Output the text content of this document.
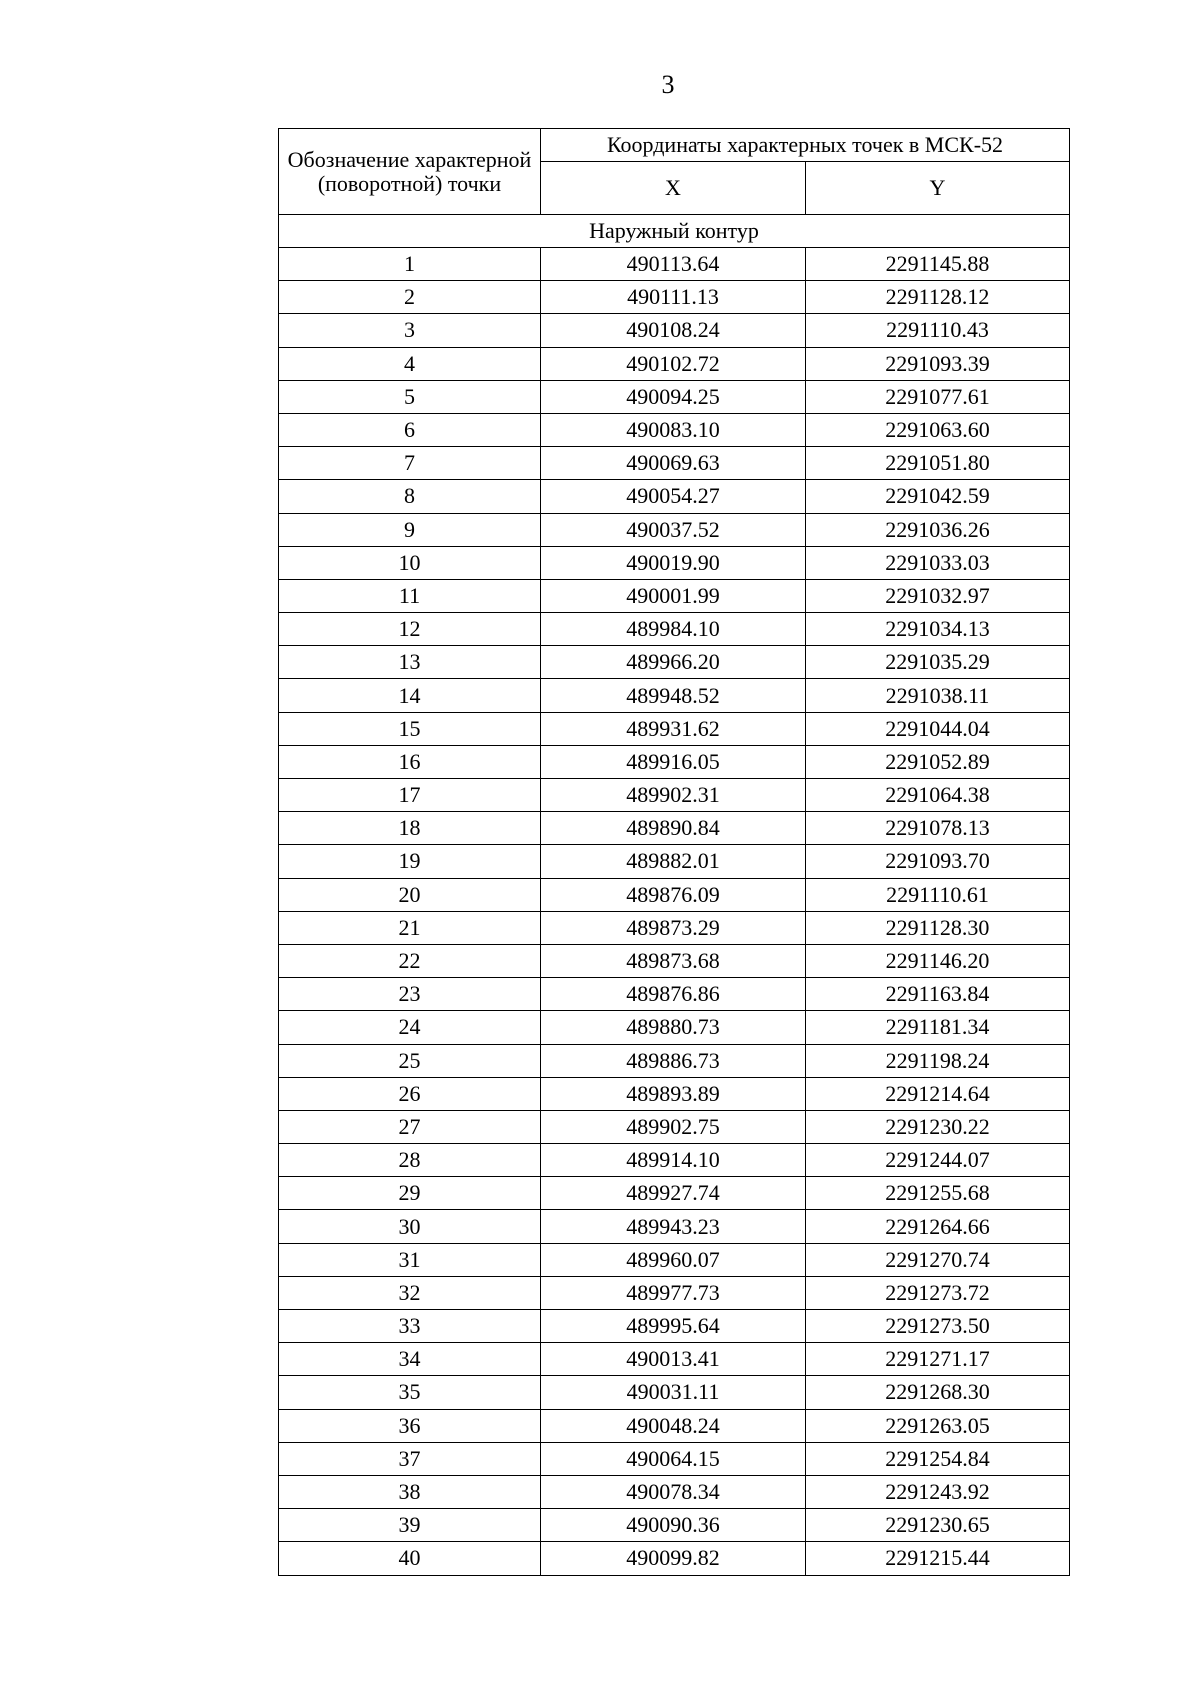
3
Обозначение характерной (поворотной) точки	Координаты характерных точек в МСК-52	
	X	Y
Наружный контур		
1	490113.64	2291145.88
2	490111.13	2291128.12
3	490108.24	2291110.43
4	490102.72	2291093.39
5	490094.25	2291077.61
6	490083.10	2291063.60
7	490069.63	2291051.80
8	490054.27	2291042.59
9	490037.52	2291036.26
10	490019.90	2291033.03
11	490001.99	2291032.97
12	489984.10	2291034.13
13	489966.20	2291035.29
14	489948.52	2291038.11
15	489931.62	2291044.04
16	489916.05	2291052.89
17	489902.31	2291064.38
18	489890.84	2291078.13
19	489882.01	2291093.70
20	489876.09	2291110.61
21	489873.29	2291128.30
22	489873.68	2291146.20
23	489876.86	2291163.84
24	489880.73	2291181.34
25	489886.73	2291198.24
26	489893.89	2291214.64
27	489902.75	2291230.22
28	489914.10	2291244.07
29	489927.74	2291255.68
30	489943.23	2291264.66
31	489960.07	2291270.74
32	489977.73	2291273.72
33	489995.64	2291273.50
34	490013.41	2291271.17
35	490031.11	2291268.30
36	490048.24	2291263.05
37	490064.15	2291254.84
38	490078.34	2291243.92
39	490090.36	2291230.65
40	490099.82	2291215.44
